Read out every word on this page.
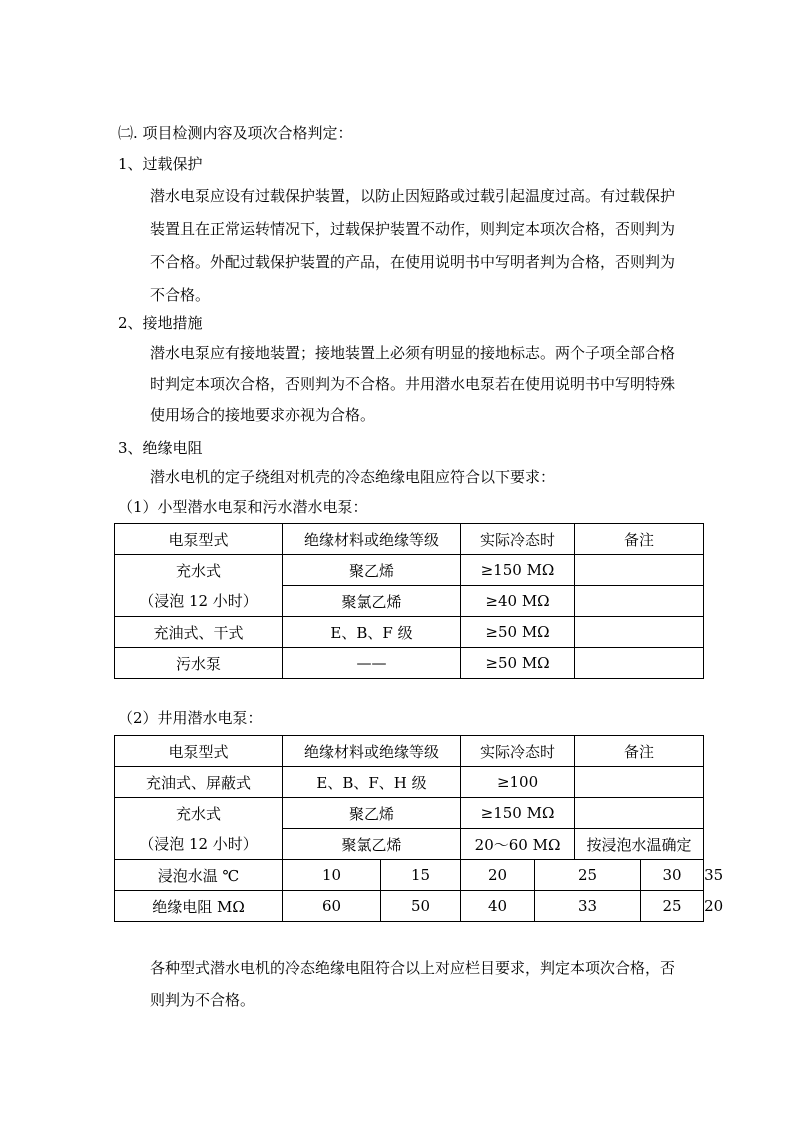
㈡. 项目检测内容及项次合格判定：
1、过载保护

潜水电泵应设有过载保护装置，以防止因短路或过载引起温度过高。有过载保护装置且在正常运转情况下，过载保护装置不动作，则判定本项次合格，否则判为不合格。外配过载保护装置的产品，在使用说明书中写明者判为合格，否则判为不合格。

2、接地措施

潜水电泵应有接地装置；接地装置上必须有明显的接地标志。两个子项全部合格时判定本项次合格，否则判为不合格。井用潜水电泵若在使用说明书中写明特殊使用场合的接地要求亦视为合格。

3、绝缘电阻
潜水电机的定子绕组对机壳的冷态绝缘电阻应符合以下要求：
（1）小型潜水电泵和污水潜水电泵：
电泵型式	绝缘材料或绝缘等级	实际冷态时	备注

充水式
（浸泡 12 小时）	聚乙烯	≥150 MΩ	
	聚氯乙烯	≥40 MΩ	
充油式、干式	E、B、F 级	≥50 MΩ	
污水泵	——	≥50 MΩ	
（2）井用潜水电泵：
电泵型式	绝缘材料或绝缘等级		实际冷态时		备注		
充油式、屏蔽式	E、B、F、H 级		≥100				

充水式
（浸泡 12 小时）	聚乙烯		≥150 MΩ				
	聚氯乙烯		20～60 MΩ		按浸泡水温确定		
浸泡水温 ℃	10	15	20	25		30	35
绝缘电阻 MΩ	60	50	40	33		25	20

各种型式潜水电机的冷态绝缘电阻符合以上对应栏目要求，判定本项次合格，否则判为不合格。
